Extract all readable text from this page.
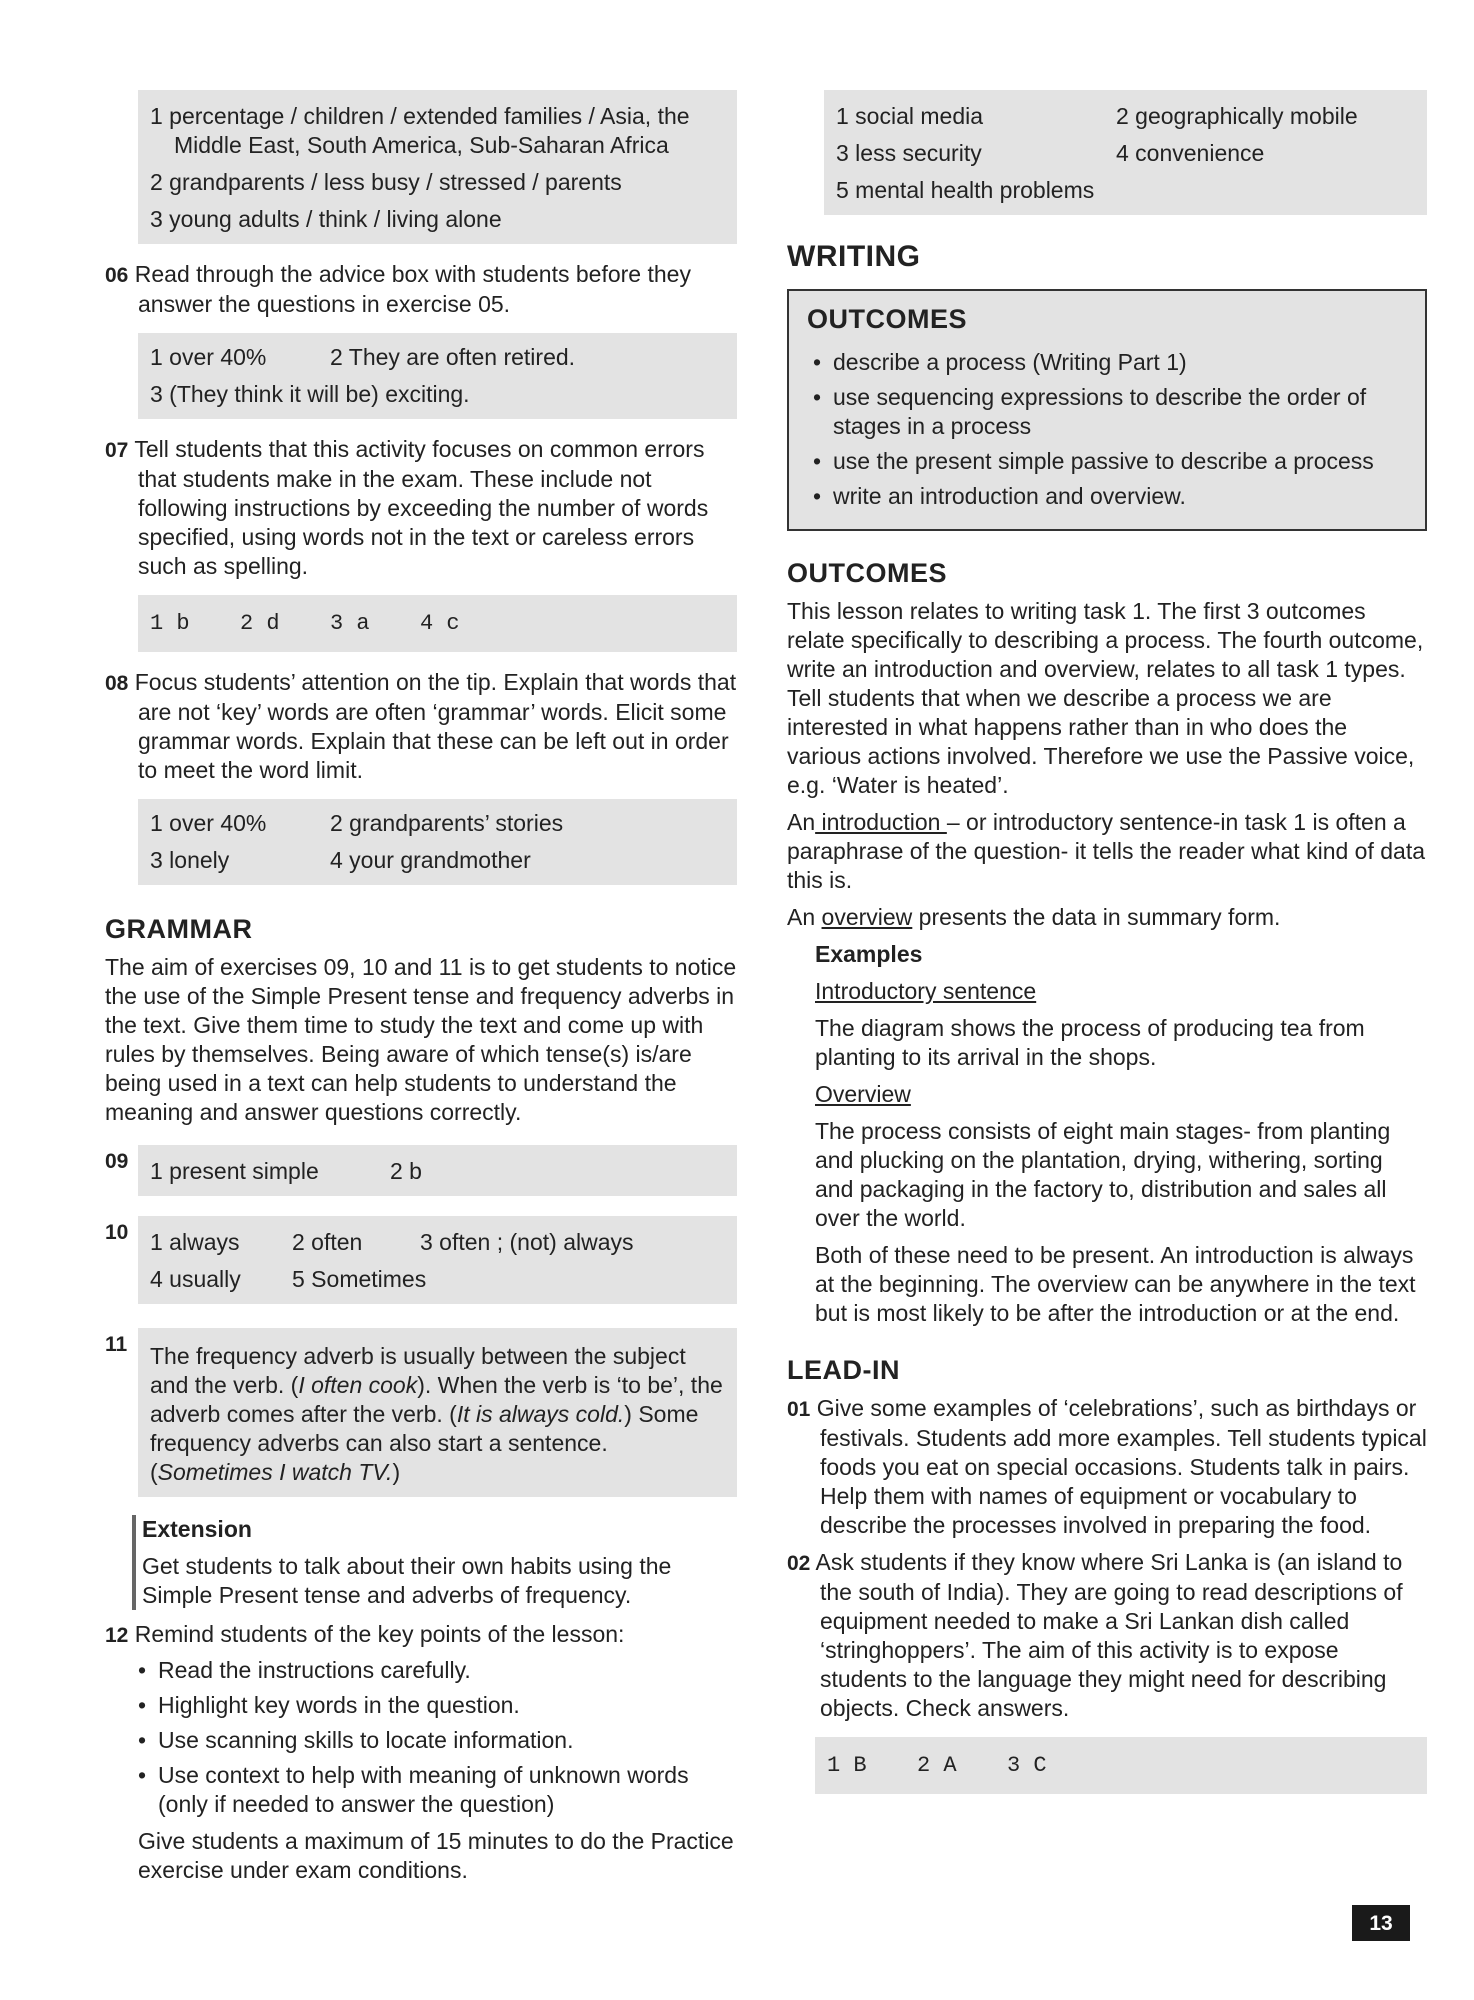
1 percentage / children / extended families / Asia, the Middle East, South America, Sub-Saharan Africa

2 grandparents / less busy / stressed / parents

3 young adults / think / living alone

06 Read through the advice box with students before they answer the questions in exercise 05.

1 over 40%	2 They are often retired.

3 (They think it will be) exciting.

07 Tell students that this activity focuses on common errors that students make in the exam. These include not following instructions by exceeding the number of words specified, using words not in the text or careless errors such as spelling.

1 b 2 d 3 a 4 c

08 Focus students’ attention on the tip. Explain that words that are not ‘key’ words are often ‘grammar’ words. Elicit some grammar words. Explain that these can be left out in order to meet the word limit.

1 over 40%	2 grandparents’ stories
3 lonely	4 your grandmother
GRAMMAR

The aim of exercises 09, 10 and 11 is to get students to notice the use of the Simple Present tense and frequency adverbs in the text. Give them time to study the text and come up with rules by themselves. Being aware of which tense(s) is/are being used in a text can help students to understand the meaning and answer questions correctly.

09 1 present simple	2 b
10 1 always	2 often	3 often ; (not) always
4 usually	5 Sometimes
11 The frequency adverb is usually between the subject and the verb. (I often cook). When the verb is ‘to be’, the adverb comes after the verb. (It is always cold.) Some frequency adverbs can also start a sentence. (Sometimes I watch TV.)

Extension

Get students to talk about their own habits using the Simple Present tense and adverbs of frequency.

12 Remind students of the key points of the lesson:

• Read the instructions carefully.
• Highlight key words in the question.
• Use scanning skills to locate information.
• Use context to help with meaning of unknown words (only if needed to answer the question)

Give students a maximum of 15 minutes to do the Practice exercise under exam conditions.

1 social media	2 geographically mobile
3 less security	4 convenience

5 mental health problems

WRITING
OUTCOMES
• describe a process (Writing Part 1)
• use sequencing expressions to describe the order of stages in a process
• use the present simple passive to describe a process
• write an introduction and overview.
OUTCOMES

This lesson relates to writing task 1. The first 3 outcomes relate specifically to describing a process. The fourth outcome, write an introduction and overview, relates to all task 1 types. Tell students that when we describe a process we are interested in what happens rather than in who does the various actions involved. Therefore we use the Passive voice, e.g. ‘Water is heated’.

An introduction – or introductory sentence-in task 1 is often a paraphrase of the question- it tells the reader what kind of data this is.

An overview presents the data in summary form.

Examples

Introductory sentence

The diagram shows the process of producing tea from planting to its arrival in the shops.

Overview

The process consists of eight main stages- from planting and plucking on the plantation, drying, withering, sorting and packaging in the factory to, distribution and sales all over the world.

Both of these need to be present. An introduction is always at the beginning. The overview can be anywhere in the text but is most likely to be after the introduction or at the end.

LEAD-IN

01 Give some examples of ‘celebrations’, such as birthdays or festivals. Students add more examples. Tell students typical foods you eat on special occasions. Students talk in pairs. Help them with names of equipment or vocabulary to describe the processes involved in preparing the food.

02 Ask students if they know where Sri Lanka is (an island to the south of India). They are going to read descriptions of equipment needed to make a Sri Lankan dish called ‘stringhoppers’. The aim of this activity is to expose students to the language they might need for describing objects. Check answers.

1 B 2 A 3 C
13
